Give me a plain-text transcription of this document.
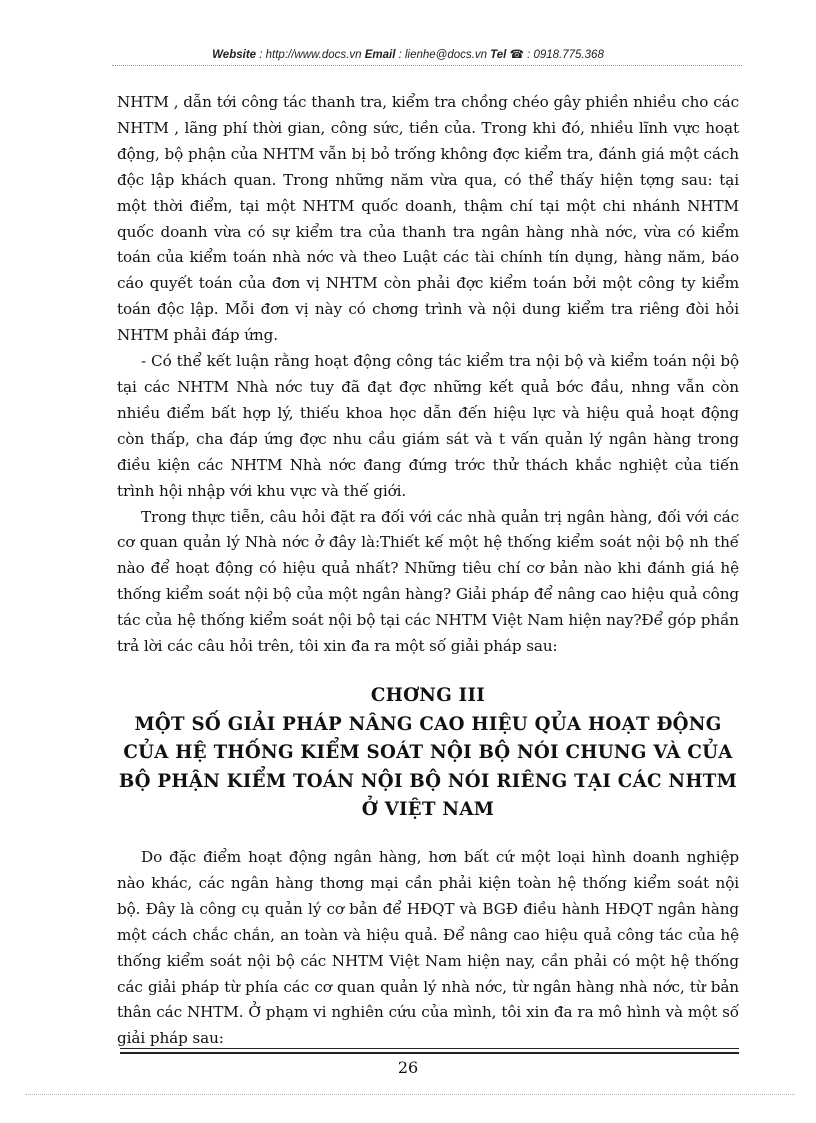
Website : http://www.docs.vn Email : lienhe@docs.vn Tel ☎ : 0918.775.368

NHTM , dẫn tới công tác thanh tra, kiểm tra chồng chéo gây phiền nhiều cho các NHTM , lãng phí thời gian, công sức, tiền của. Trong khi đó, nhiều lĩnh vực hoạt động, bộ phận của NHTM vẫn bị bỏ trống không đợc kiểm tra, đánh giá một cách độc lập khách quan. Trong những năm vừa qua, có thể thấy hiện tợng sau: tại một thời điểm, tại một NHTM quốc doanh, thậm chí tại một chi nhánh NHTM quốc doanh vừa có sự kiểm tra của thanh tra ngân hàng nhà nớc, vừa có kiểm toán của kiểm toán nhà nớc và theo Luật các tài chính tín dụng, hàng năm, báo cáo quyết toán của đơn vị NHTM còn phải đợc kiểm toán bởi một công ty kiểm toán độc lập. Mỗi đơn vị này có chơng trình và nội dung kiểm tra riêng đòi hỏi NHTM phải đáp ứng.

- Có thể kết luận rằng hoạt động công tác kiểm tra nội bộ và kiểm toán nội bộ tại các NHTM Nhà nớc tuy đã đạt đợc những kết quả bớc đầu, nhng vẫn còn nhiều điểm bất hợp lý, thiếu khoa học dẫn đến hiệu lực và hiệu quả hoạt động còn thấp, cha đáp ứng đợc nhu cầu giám sát và t vấn quản lý ngân hàng trong điều kiện các NHTM Nhà nớc đang đứng trớc thử thách khắc nghiệt của tiến trình hội nhập với khu vực và thế giới.

Trong thực tiễn, câu hỏi đặt ra đối với các nhà quản trị ngân hàng, đối với các cơ quan quản lý Nhà nớc ở đây là:Thiết kế một hệ thống kiểm soát nội bộ nh thế nào để hoạt động có hiệu quả nhất? Những tiêu chí cơ bản nào khi đánh giá hệ thống kiểm soát nội bộ của một ngân hàng? Giải pháp để nâng cao hiệu quả công tác của hệ thống kiểm soát nội bộ tại các NHTM Việt Nam hiện nay?Để góp phần trả lời các câu hỏi trên, tôi xin đa ra một số giải pháp sau:

CHƠNG III
MỘT SỐ GIẢI PHÁP NÂNG CAO HIỆU QỦA HOẠT ĐỘNG
CỦA HỆ THỐNG KIỂM SOÁT NỘI BỘ NÓI CHUNG VÀ CỦA
BỘ PHẬN KIỂM TOÁN NỘI BỘ NÓI RIÊNG TẠI CÁC NHTM
Ở VIỆT NAM

Do đặc điểm hoạt động ngân hàng, hơn bất cứ một loại hình doanh nghiệp nào khác, các ngân hàng thơng mại cần phải kiện toàn hệ thống kiểm soát nội bộ. Đây là công cụ quản lý cơ bản để HĐQT và BGĐ điều hành HĐQT ngân hàng một cách chắc chắn, an toàn và hiệu quả. Để nâng cao hiệu quả công tác của hệ thống kiểm soát nội bộ các NHTM Việt Nam hiện nay, cần phải có một hệ thống các giải pháp từ phía các cơ quan quản lý nhà nớc, từ ngân hàng nhà nớc, từ bản thân các NHTM. Ở phạm vi nghiên cứu của mình, tôi xin đa ra mô hình và một số giải pháp sau:

26
